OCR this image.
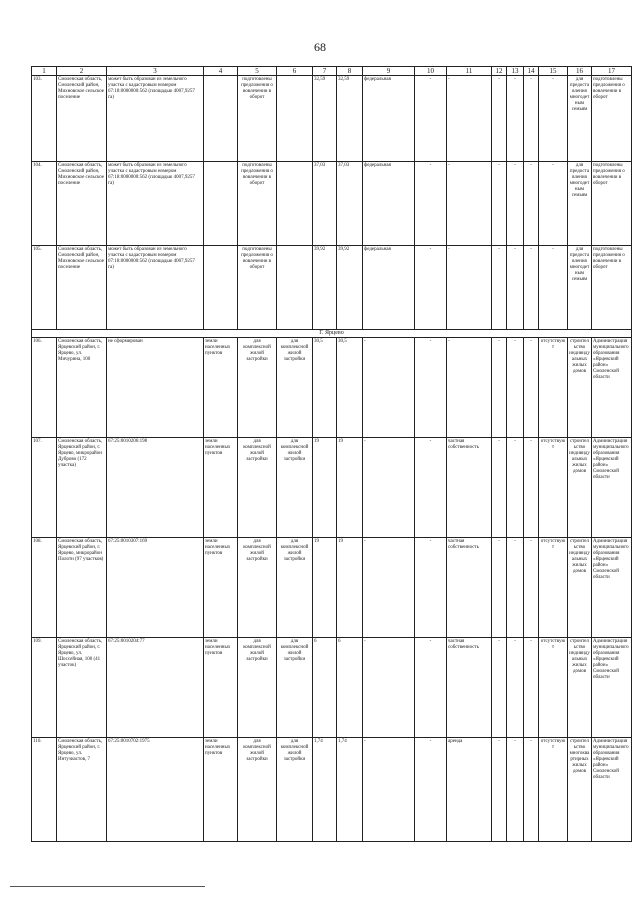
68
1	2	3	4	5	6	7	8	9	10	11	12	13	14	15	16	17
103.	Смоленская область, Смоленский район, Михновское сельское поселение	может быть образован из земельного участка с кадастровым номером 67:18:0000000:562 (площадью 4007,9257 га)		подготовлены предложения о вовлечении в оборот		32,59	32,59	федеральная	-	-	-	-	-	-	для предоставления многодетным семьям	подготовлены предложения о вовлечении в оборот
104.	Смоленская область, Смоленский район, Михновское сельское поселение	может быть образован из земельного участка с кадастровым номером 67:18:0000000:562 (площадью 4007,9257 га)		подготовлены предложения о вовлечении в оборот		37,03	37,03	федеральная	-	-	-	-	-	-	для предоставления многодетным семьям	подготовлены предложения о вовлечении в оборот
105.	Смоленская область, Смоленский район, Михновское сельское поселение	может быть образован из земельного участка с кадастровым номером 67:18:0000000:562 (площадью 4007,9257 га)		подготовлены предложения о вовлечении в оборот		39,92	39,92	федеральная	-	-	-	-	-	-	для предоставления многодетным семьям	подготовлены предложения о вовлечении в оборот
Г. Ярцево																
106.	Смоленская область, Ярцевский район, г. Ярцево, ул. Мичурина, 100	не сформирован	земли населенных пунктов	для комплексной жилой застройки	для комплексной жилой застройки	30,5	30,5	-	-	-	-	-	-	отсутствуют	строительство индивидуальных жилых домов	Администрация муниципального образования «Ярцевский район» Смоленской области
107.	Смоленская область, Ярцевский район, г. Ярцево, микрорайон Дуброво (172 участка)	67:25:0010206:198	земли населенных пунктов	для комплексной жилой застройки	для комплексной жилой застройки	19	19	-	-	частная собственность	-	-	-	отсутствуют	строительство индивидуальных жилых домов	Администрация муниципального образования «Ярцевский район» Смоленской области
108.	Смоленская область, Ярцевский район, г. Ярцево, микрорайон Полоти (97 участков)	67:25:0010307:169	земли населенных пунктов	для комплексной жилой застройки	для комплексной жилой застройки	19	19	-	-	частная собственность	-	-	-	отсутствуют	строительство индивидуальных жилых домов	Администрация муниципального образования «Ярцевский район» Смоленской области
109.	Смоленская область, Ярцевский район, г. Ярцево, ул. Шоссейная, 100 (41 участок)	67:25:0010204:77	земли населенных пунктов	для комплексной жилой застройки	для комплексной жилой застройки	6	6	-	-	частная собственность	-	-	-	отсутствуют	строительство индивидуальных жилых домов	Администрация муниципального образования «Ярцевский район» Смоленской области
110.	Смоленская область, Ярцевский район, г. Ярцево, ул. Интузиастов, 7	67:25:0010702:1975	земли населенных пунктов	для комплексной жилой застройки	для комплексной жилой застройки	1,74	1,74	-	-	аренда	-	-	-	отсутствуют	строительство многоквартирных жилых домов	Администрация муниципального образования «Ярцевский район» Смоленской области
